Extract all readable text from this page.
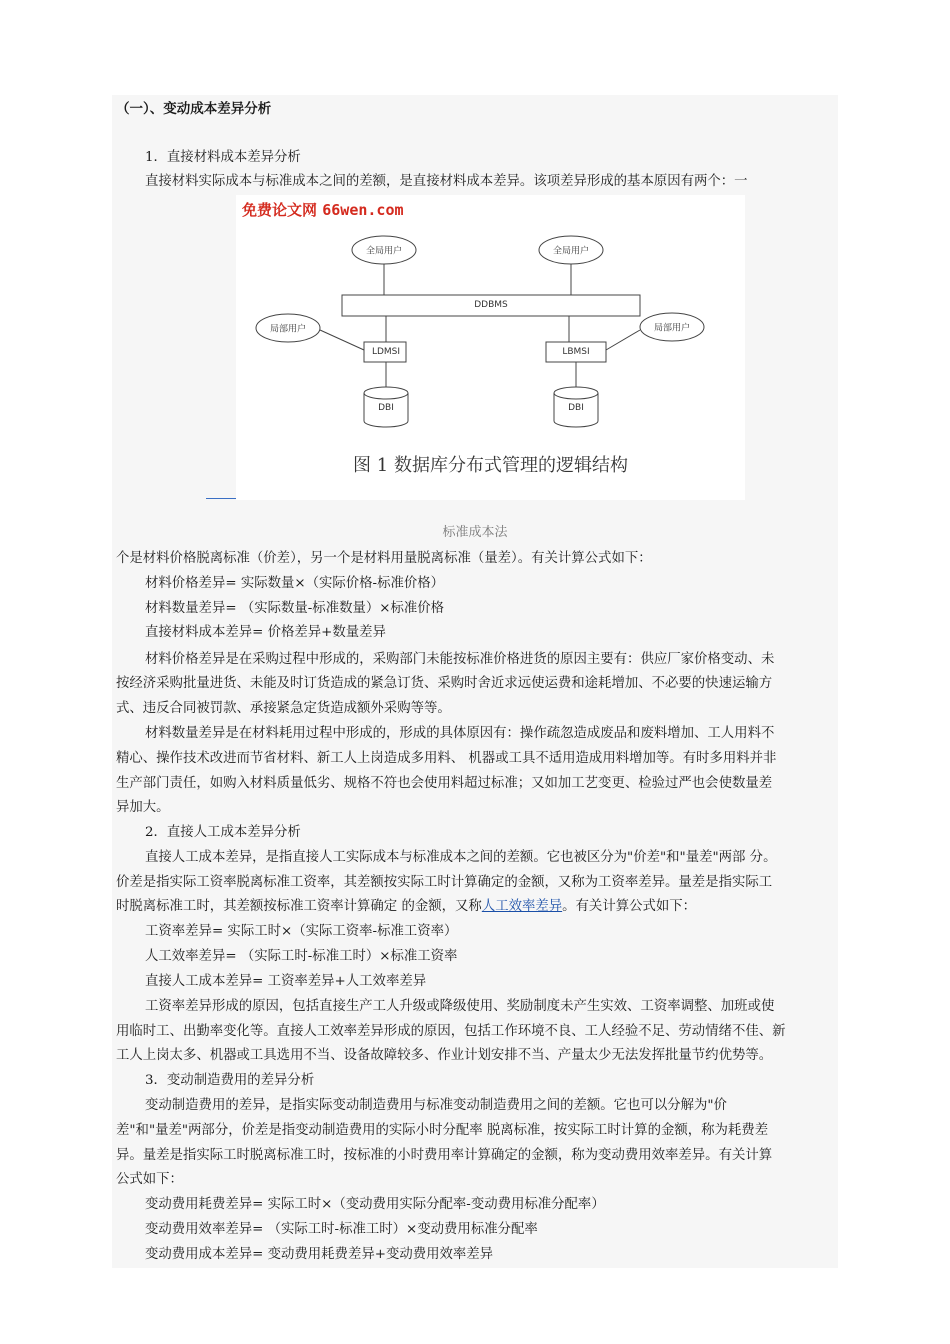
（一）、变动成本差异分析
1．直接材料成本差异分析
直接材料实际成本与标准成本之间的差额，是直接材料成本差异。该项差异形成的基本原因有两个：一
免费论文网 66wen.com
全局用户	全局用户
DDBMS
局部用户	局部用户
LDMSI	LBMSI
DBI	DBI
图 1 数据库分布式管理的逻辑结构
标准成本法
个是材料价格脱离标准（价差），另一个是材料用量脱离标准（量差）。有关计算公式如下：
材料价格差异= 实际数量×（实际价格-标准价格）
材料数量差异= （实际数量-标准数量）×标准价格
直接材料成本差异= 价格差异+数量差异
材料价格差异是在采购过程中形成的，采购部门未能按标准价格进货的原因主要有：供应厂家价格变动、未
按经济采购批量进货、未能及时订货造成的紧急订货、采购时舍近求远使运费和途耗增加、不必要的快速运输方
式、违反合同被罚款、承接紧急定货造成额外采购等等。
材料数量差异是在材料耗用过程中形成的，形成的具体原因有：操作疏忽造成废品和废料增加、工人用料不
精心、操作技术改进而节省材料、新工人上岗造成多用料、 机器或工具不适用造成用料增加等。有时多用料并非
生产部门责任，如购入材料质量低劣、规格不符也会使用料超过标准；又如加工艺变更、检验过严也会使数量差
异加大。
2．直接人工成本差异分析
直接人工成本差异，是指直接人工实际成本与标准成本之间的差额。它也被区分为"价差"和"量差"两部 分。
价差是指实际工资率脱离标准工资率，其差额按实际工时计算确定的金额，又称为工资率差异。量差是指实际工
时脱离标准工时，其差额按标准工资率计算确定 的金额，又称人工效率差异。有关计算公式如下：
工资率差异= 实际工时×（实际工资率-标准工资率）
人工效率差异= （实际工时-标准工时）×标准工资率
直接人工成本差异= 工资率差异+人工效率差异
工资率差异形成的原因，包括直接生产工人升级或降级使用、奖励制度未产生实效、工资率调整、加班或使
用临时工、出勤率变化等。直接人工效率差异形成的原因，包括工作环境不良、工人经验不足、劳动情绪不佳、新
工人上岗太多、机器或工具选用不当、设备故障较多、作业计划安排不当、产量太少无法发挥批量节约优势等。
3．变动制造费用的差异分析
变动制造费用的差异，是指实际变动制造费用与标准变动制造费用之间的差额。它也可以分解为"价
差"和"量差"两部分，价差是指变动制造费用的实际小时分配率 脱离标准，按实际工时计算的金额，称为耗费差
异。量差是指实际工时脱离标准工时，按标准的小时费用率计算确定的金额，称为变动费用效率差异。有关计算
公式如下：
变动费用耗费差异= 实际工时×（变动费用实际分配率-变动费用标准分配率）
变动费用效率差异= （实际工时-标准工时）×变动费用标准分配率
变动费用成本差异= 变动费用耗费差异+变动费用效率差异
